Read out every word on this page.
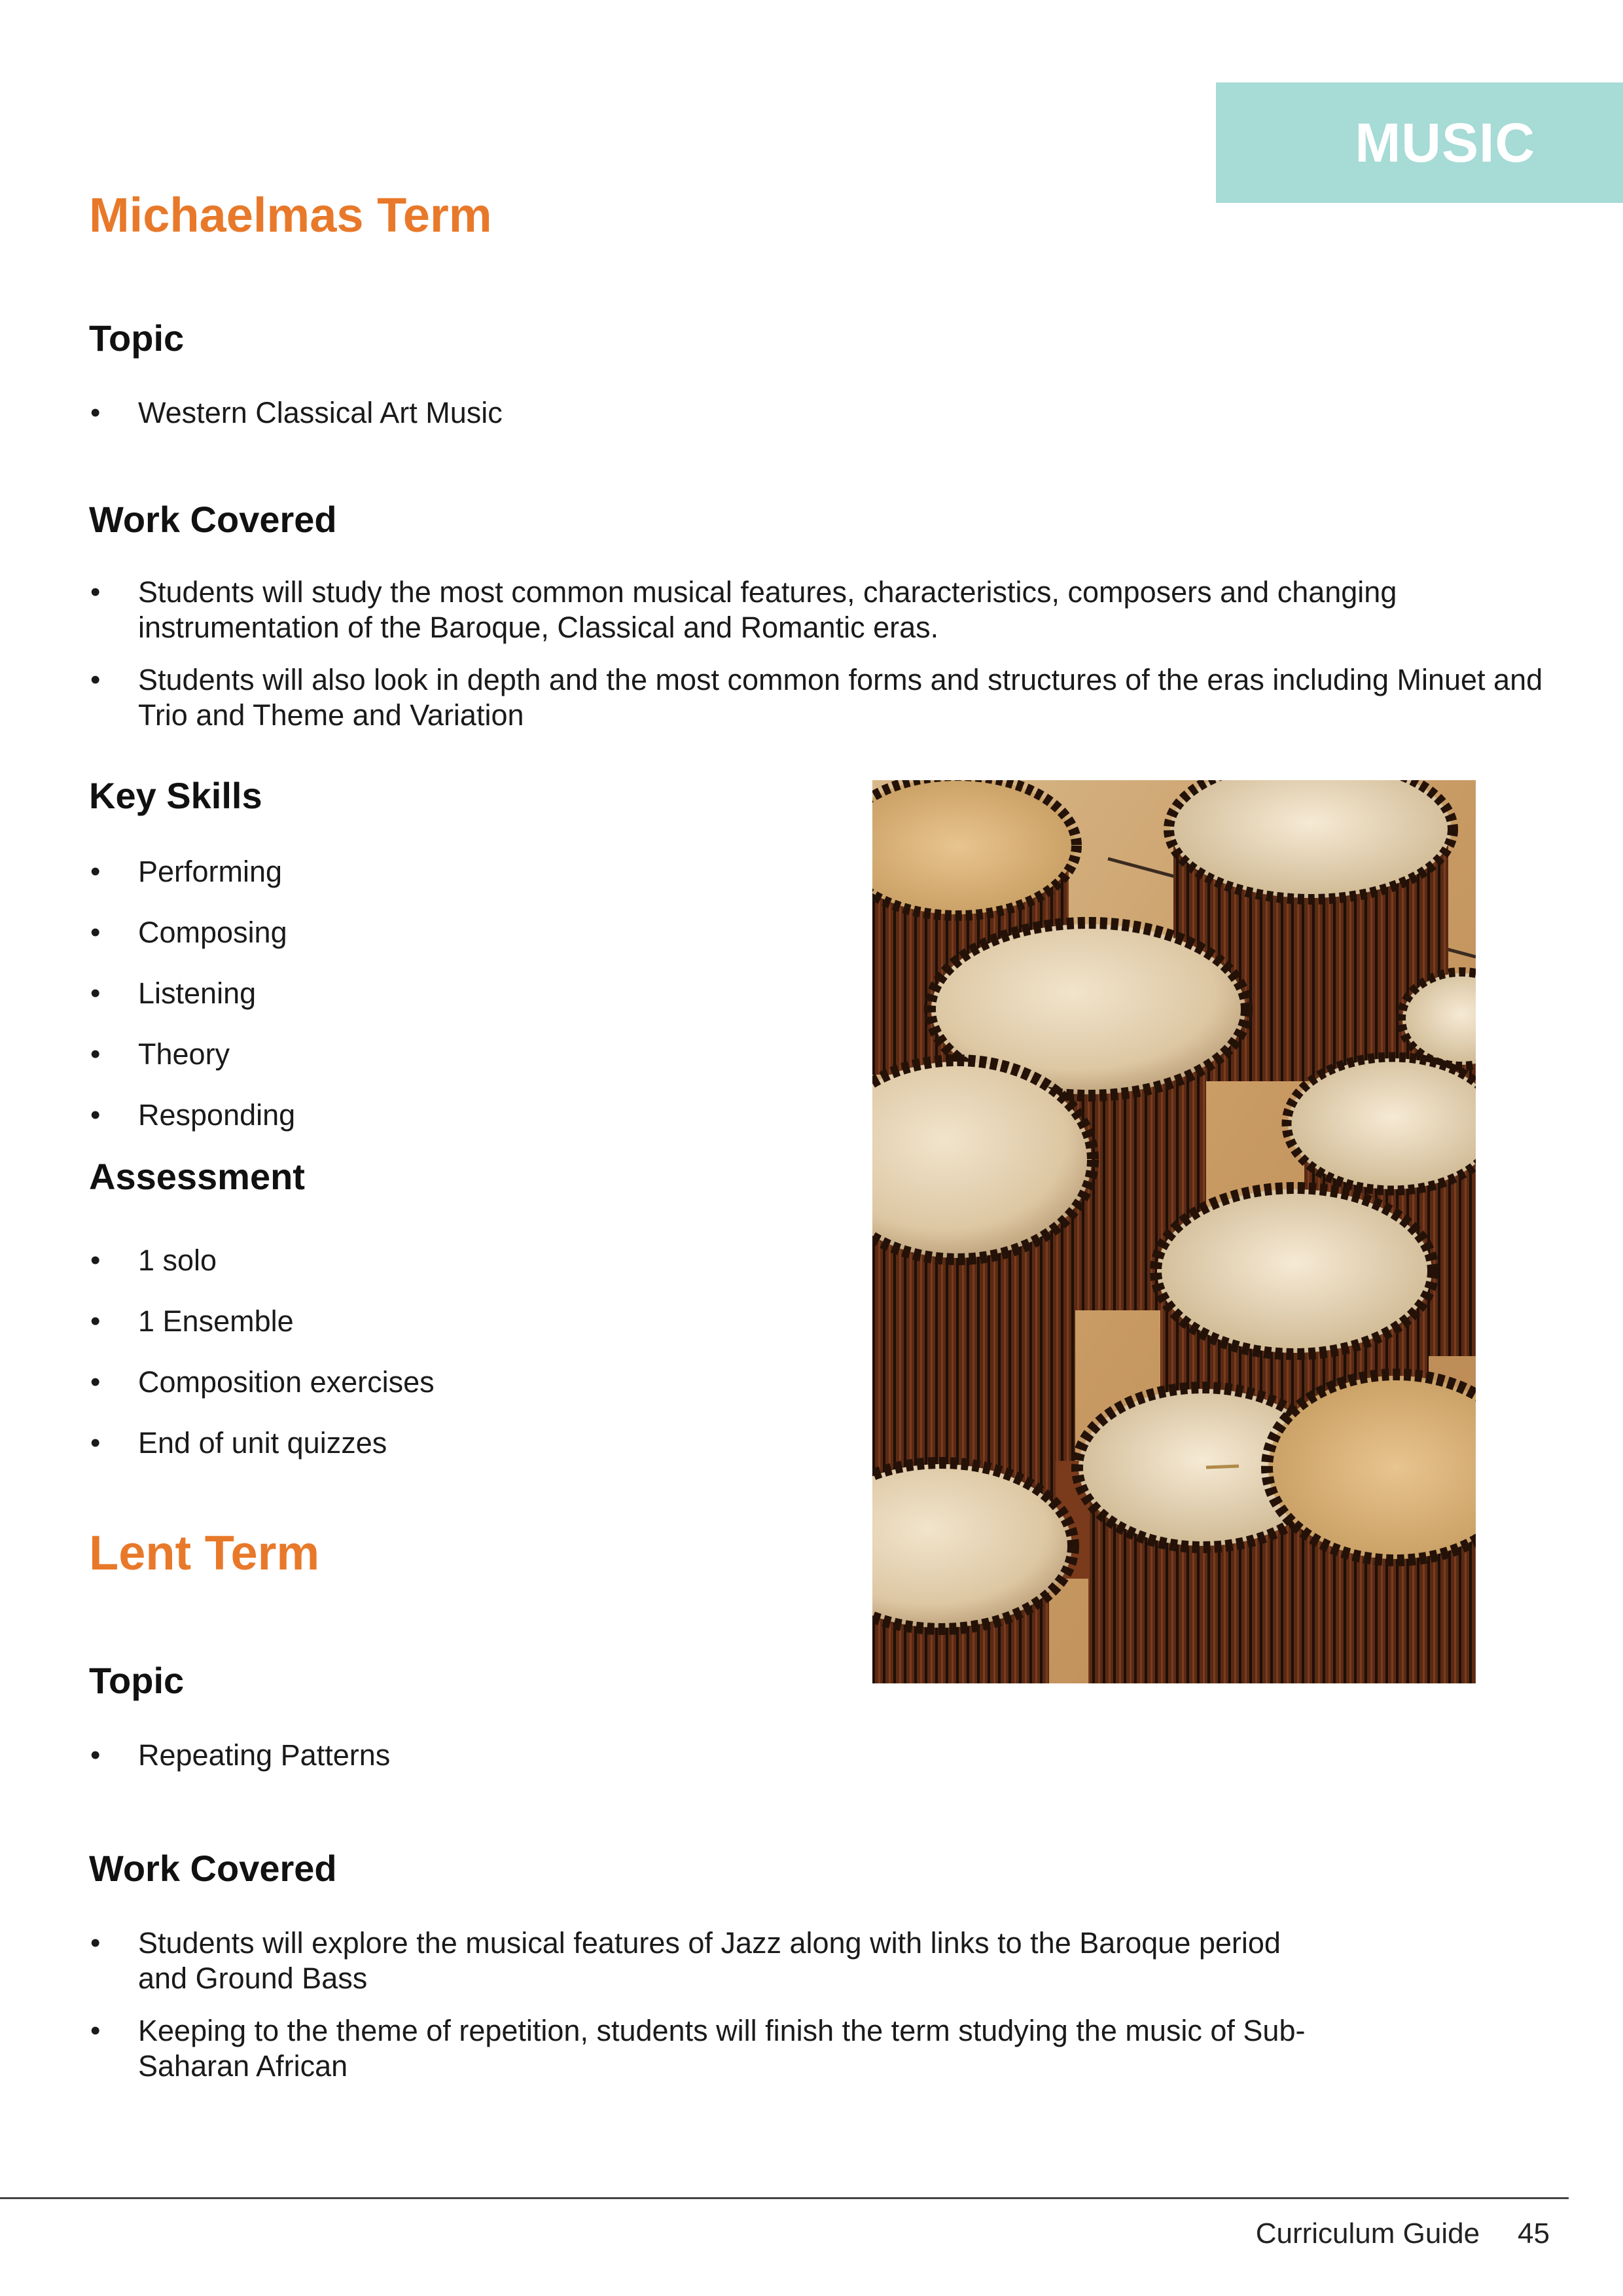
MUSIC
Michaelmas Term
Topic
• Western Classical Art Music
Work Covered
• Students will study the most common musical features, characteristics, composers and changing instrumentation of the Baroque, Classical and Romantic eras.
• Students will also look in depth and the most common forms and structures of the eras including Minuet and Trio and Theme and Variation
Key Skills
• Performing
• Composing
• Listening
• Theory
• Responding
Assessment
• 1 solo
• 1 Ensemble
• Composition exercises
• End of unit quizzes
Lent Term
Topic
• Repeating Patterns
Work Covered
• Students will explore the musical features of Jazz along with links to the Baroque period and Ground Bass
• Keeping to the theme of repetition, students will finish the term studying the music of Sub-Saharan African
Curriculum Guide 45
